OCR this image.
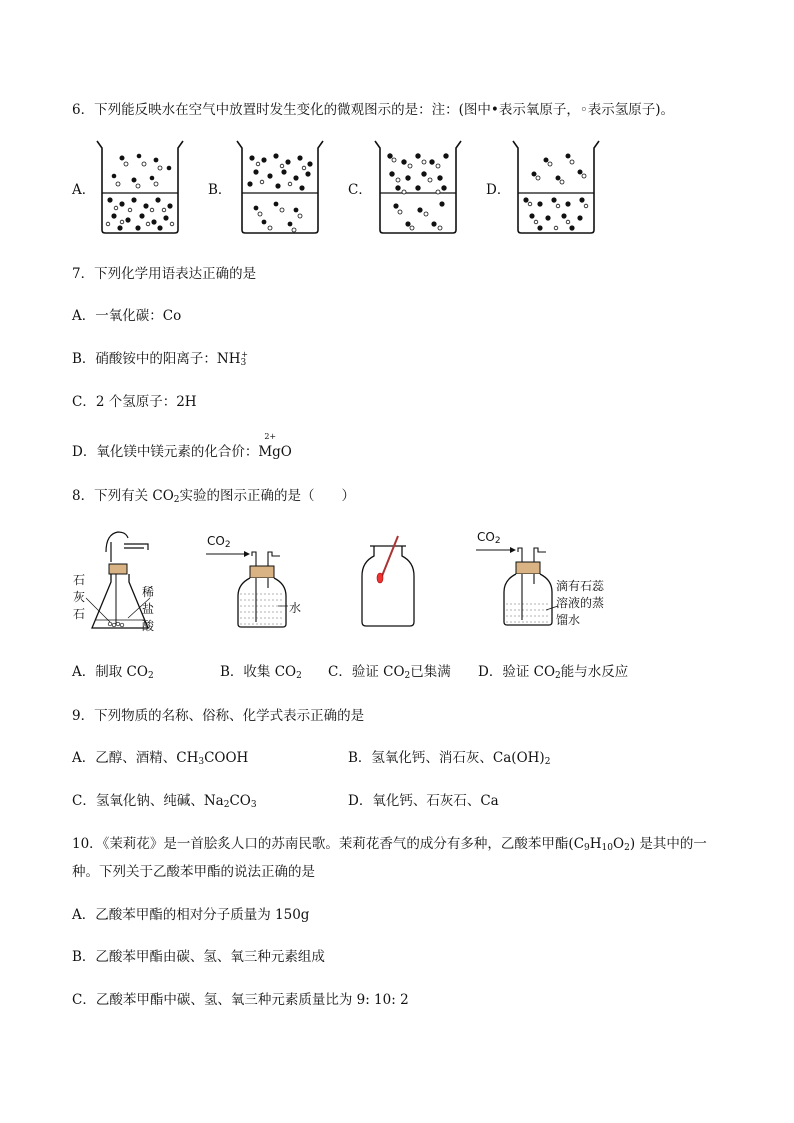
6．下列能反映水在空气中放置时发生变化的微观图示的是：注：(图中•表示氧原子，◦表示氢原子)。
A．	B．	C．	D．
7．下列化学用语表达正确的是
A．一氧化碳：Co
B．硝酸铵中的阳离子：$NH_3^+$
C．2 个氢原子：2H
D．氧化镁中镁元素的化合价：
2+
MgO
8．下列有关 $CO_2$实验的图示正确的是（　　）
石
灰
石
稀
盐
酸
$CO_2$
水
$CO_2$
滴有石蕊
溶液的蒸
馏水
A．制取 $CO_2$	B．收集 $CO_2$ C．验证 $CO_2$已集满 D．验证 $CO_2$能与水反应
9．下列物质的名称、俗称、化学式表示正确的是
A．乙醇、酒精、$CH_3COOH$	B．氢氧化钙、消石灰、$Ca(OH)_2$
C．氢氧化钠、纯碱、$Na_2CO_3$	D．氧化钙、石灰石、Ca
10．《茉莉花》是一首脍炙人口的苏南民歌。茉莉花香气的成分有多种，乙酸苯甲酯$(C_9H_{10}O_2)$ 是其中的一
种。下列关于乙酸苯甲酯的说法正确的是
A．乙酸苯甲酯的相对分子质量为 150g
B．乙酸苯甲酯由碳、氢、氧三种元素组成
C．乙酸苯甲酯中碳、氢、氧三种元素质量比为 9: 10: 2
